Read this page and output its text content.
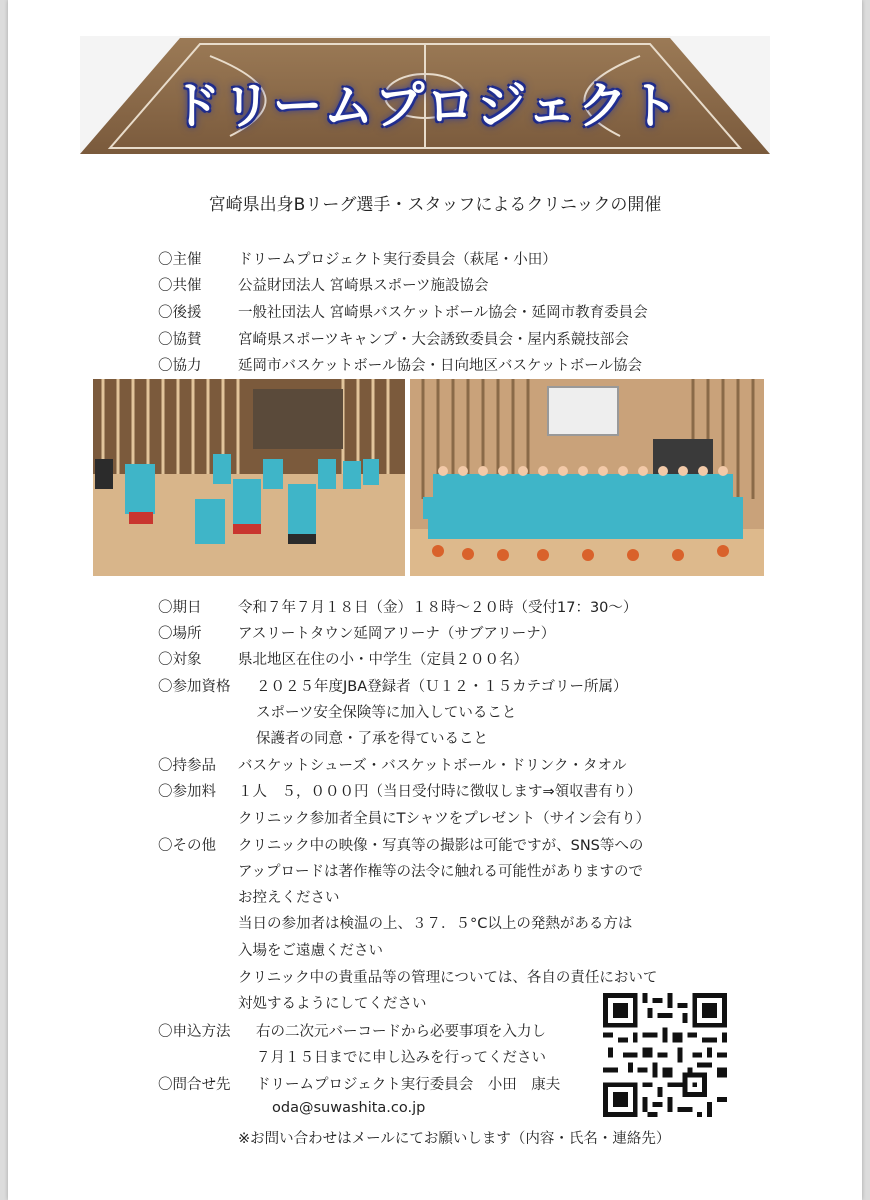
ドリームプロジェクト
宮崎県出身Bリーグ選手・スタッフによるクリニックの開催
〇主催	ドリームプロジェクト実行委員会（萩尾・小田）
〇共催	公益財団法人 宮崎県スポーツ施設協会
〇後援	一般社団法人 宮崎県バスケットボール協会・延岡市教育委員会
〇協賛	宮崎県スポーツキャンプ・大会誘致委員会・屋内系競技部会
〇協力	延岡市バスケットボール協会・日向地区バスケットボール協会
〇期日	令和７年７月１８日（金）１８時～２０時（受付17：30～）
〇場所	アスリートタウン延岡アリーナ（サブアリーナ）
〇対象	県北地区在住の小・中学生（定員２００名）
〇参加資格 ２０２５年度JBA登録者（Ｕ１２・１５カテゴリー所属）
スポーツ安全保険等に加入していること
保護者の同意・了承を得ていること
〇持参品 バスケットシューズ・バスケットボール・ドリンク・タオル
〇参加料 １人　５，０００円（当日受付時に徴収します⇒領収書有り）
クリニック参加者全員にTシャツをプレゼント（サイン会有り）
〇その他 クリニック中の映像・写真等の撮影は可能ですが、SNS等への
アップロードは著作権等の法令に触れる可能性がありますので
お控えください
当日の参加者は検温の上、３７．５°C以上の発熱がある方は
入場をご遠慮ください
クリニック中の貴重品等の管理については、各自の責任において
対処するようにしてください
〇申込方法 右の二次元バーコードから必要事項を入力し
７月１５日までに申し込みを行ってください
〇問合せ先 ドリームプロジェクト実行委員会　小田　康夫
oda@suwashita.co.jp
※お問い合わせはメールにてお願いします（内容・氏名・連絡先）
